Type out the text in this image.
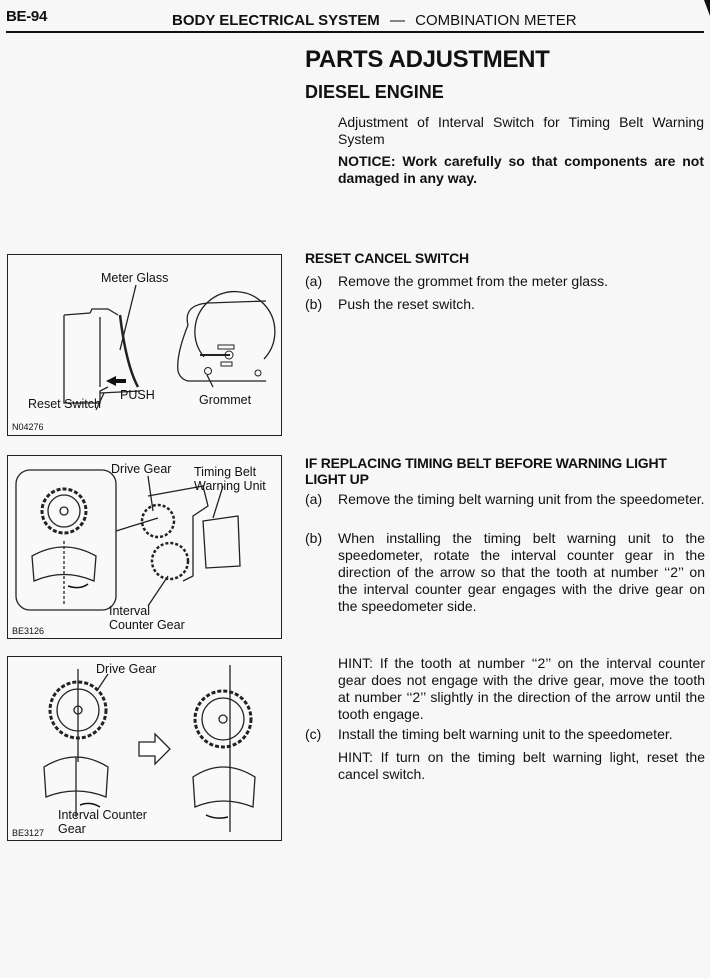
BE-94	BODY ELECTRICAL SYSTEM — COMBINATION METER
PARTS ADJUSTMENT
DIESEL ENGINE
Adjustment of Interval Switch for Timing Belt Warning System
NOTICE: Work carefully so that components are not damaged in any way.
RESET CANCEL SWITCH
(a) Remove the grommet from the meter glass.
(b) Push the reset switch.
IF REPLACING TIMING BELT BEFORE WARNING LIGHT LIGHT UP
(a) Remove the timing belt warning unit from the speedometer.
(b) When installing the timing belt warning unit to the speedometer, rotate the interval counter gear in the direction of the arrow so that the tooth at number ‘‘2’’ on the interval counter gear engages with the drive gear on the speedometer side.
HINT: If the tooth at number ‘‘2’’ on the interval counter gear does not engage with the drive gear, move the tooth at number ‘‘2’’ slightly in the direction of the arrow until the tooth engage.
(c) Install the timing belt warning unit to the speedometer.
HINT: If turn on the timing belt warning light, reset the cancel switch.
Meter Glass
PUSH
Reset Switch	Grommet
N04276
Drive Gear Timing Belt
Warning Unit
Interval
Counter Gear
BE3126
Drive Gear
Interval Counter
Gear
BE3127
